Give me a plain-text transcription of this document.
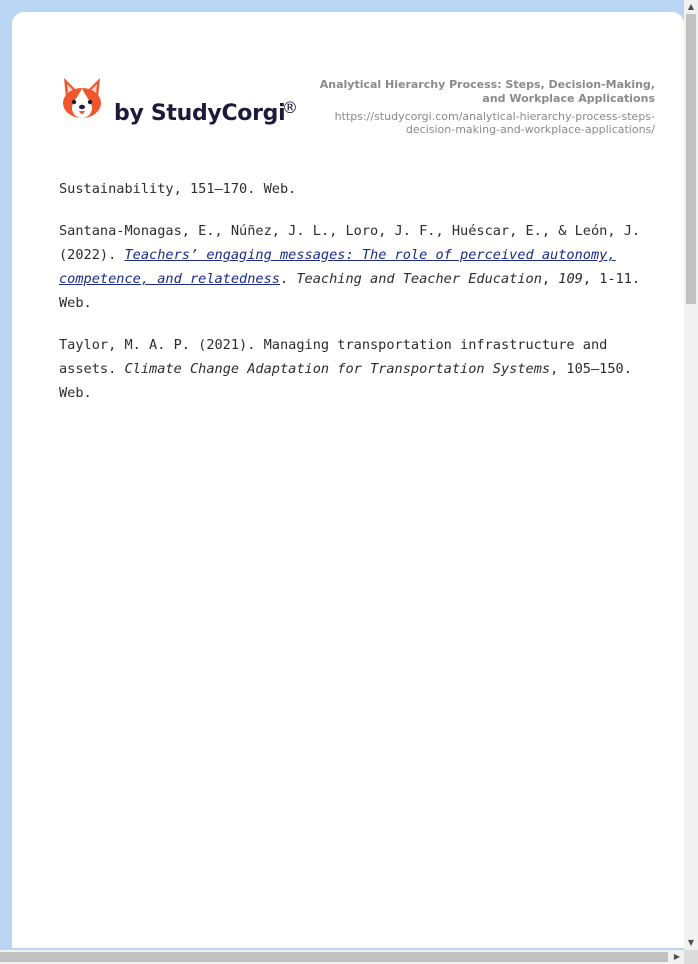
by StudyCorgi
®
Analytical Hierarchy Process: Steps, Decision-Making, and Workplace Applications
https://studycorgi.com/analytical-hierarchy-process-steps-decision-making-and-workplace-applications/

Sustainability, 151–170. Web.

Santana-Monagas, E., Núñez, J. L., Loro, J. F., Huéscar, E., & León, J. (2022). Teachers’ engaging messages: The role of perceived autonomy, competence, and relatedness. Teaching and Teacher Education, 109, 1-11. Web.

Taylor, M. A. P. (2021). Managing transportation infrastructure and assets. Climate Change Adaptation for Transportation Systems, 105–150. Web.

▲
▼
▶
